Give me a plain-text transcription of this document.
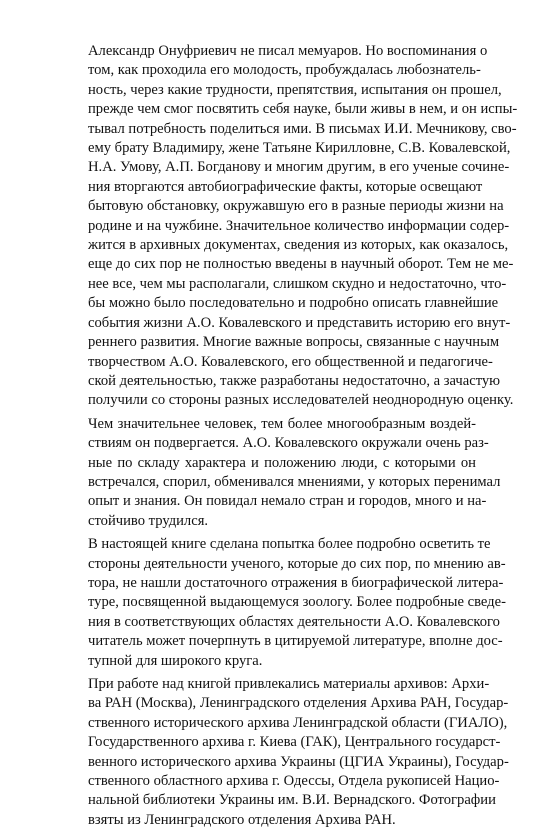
Александр Онуфриевич не писал мемуаров. Но воспоминания о
том, как проходила его молодость, пробуждалась любознатель-
ность, через какие трудности, препятствия, испытания он прошел,
прежде чем смог посвятить себя науке, были живы в нем, и он испы-
тывал потребность поделиться ими. В письмах И.И. Мечникову, сво-
ему брату Владимиру, жене Татьяне Кирилловне, С.В. Ковалевской,
Н.А. Умову, А.П. Богданову и многим другим, в его ученые сочине-
ния вторгаются автобиографические факты, которые освещают
бытовую обстановку, окружавшую его в разные периоды жизни на
родине и на чужбине. Значительное количество информации содер-
жится в архивных документах, сведения из которых, как оказалось,
еще до сих пор не полностью введены в научный оборот. Тем не ме-
нее все, чем мы располагали, слишком скудно и недостаточно, что-
бы можно было последовательно и подробно описать главнейшие
события жизни А.О. Ковалевского и представить историю его внут-
реннего развития. Многие важные вопросы, связанные с научным
творчеством А.О. Ковалевского, его общественной и педагогиче-
ской деятельностью, также разработаны недостаточно, а зачастую
получили со стороны разных исследователей неоднородную оценку.

Чем значительнее человек, тем более многообразным воздей-
ствиям он подвергается. А.О. Ковалевского окружали очень раз-
ные по складу характера и положению люди, с которыми он
встречался, спорил, обменивался мнениями, у которых перенимал
опыт и знания. Он повидал немало стран и городов, много и на-
стойчиво трудился.

В настоящей книге сделана попытка более подробно осветить те
стороны деятельности ученого, которые до сих пор, по мнению ав-
тора, не нашли достаточного отражения в биографической литера-
туре, посвященной выдающемуся зоологу. Более подробные сведе-
ния в соответствующих областях деятельности А.О. Ковалевского
читатель может почерпнуть в цитируемой литературе, вполне дос-
тупной для широкого круга.

При работе над книгой привлекались материалы архивов: Архи-
ва РАН (Москва), Ленинградского отделения Архива РАН, Государ-
ственного исторического архива Ленинградской области (ГИАЛО),
Государственного архива г. Киева (ГАК), Центрального государст-
венного исторического архива Украины (ЦГИА Украины), Государ-
ственного областного архива г. Одессы, Отдела рукописей Нацио-
нальной библиотеки Украины им. В.И. Вернадского. Фотографии
взяты из Ленинградского отделения Архива РАН.
